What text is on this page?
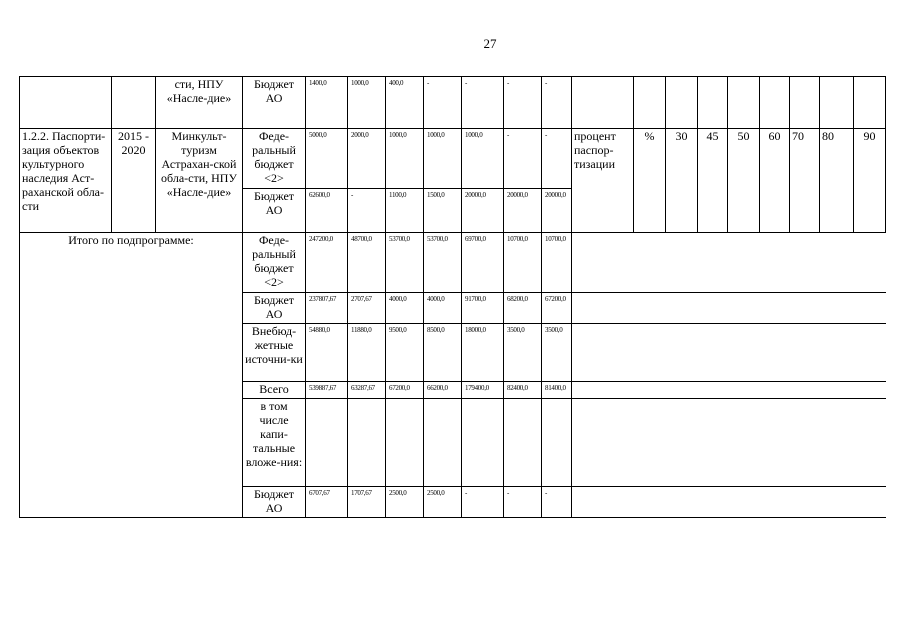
27
		сти, НПУ «Насле-дие»	Бюджет АО	1400,0	1000,0	400,0	-	-	-	-										
1.2.2. Паспорти-зация объектов культурного наследия Аст-раханской обла-сти	2015 - 2020	Минкульт-туризм Астрахан-ской обла-сти, НПУ «Насле-дие»	Феде-ральный бюджет <2>	5000,0	2000,0	1000,0	1000,0	1000,0	-	-	процент паспор-тизации	%	30	45	50	60	70	80	90	
			Бюджет АО	62600,0	-	1100,0	1500,0	20000,0	20000,0	20000,0										
Итого по подпрограмме:			Феде-ральный бюджет <2>	247200,0	48700,0	53700,0	53700,0	69700,0	10700,0	10700,0										
			Бюджет АО	237807,67	2707,67	4000,0	4000,0	91700,0	68200,0	67200,0										
			Внебюд-жетные источни-ки	54880,0	11880,0	9500,0	8500,0	18000,0	3500,0	3500,0										
			Всего	539887,67	63287,67	67200,0	66200,0	179400,0	82400,0	81400,0										
			в том числе капи-тальные вложе-ния:																	
			Бюджет АО	6707,67	1707,67	2500,0	2500,0	-	-	-										
